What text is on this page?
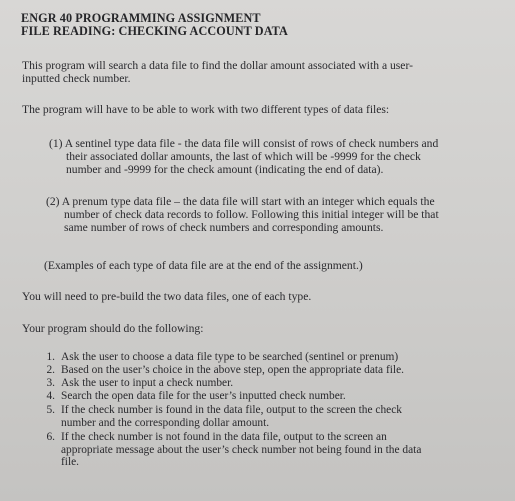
ENGR 40 PROGRAMMING ASSIGNMENT
FILE READING: CHECKING ACCOUNT DATA

This program will search a data file to find the dollar amount associated with a user-
inputted check number.

The program will have to be able to work with two different types of data files:

(1) A sentinel type data file - the data file will consist of rows of check numbers and
their associated dollar amounts, the last of which will be -9999 for the check
number and -9999 for the check amount (indicating the end of data).

(2) A prenum type data file – the data file will start with an integer which equals the
number of check data records to follow. Following this initial integer will be that
same number of rows of check numbers and corresponding amounts.

(Examples of each type of data file are at the end of the assignment.)

You will need to pre-build the two data files, one of each type.

Your program should do the following:

1. Ask the user to choose a data file type to be searched (sentinel or prenum)
2. Based on the user’s choice in the above step, open the appropriate data file.
3. Ask the user to input a check number.
4. Search the open data file for the user’s inputted check number.
5. If the check number is found in the data file, output to the screen the check
number and the corresponding dollar amount.
6. If the check number is not found in the data file, output to the screen an
appropriate message about the user’s check number not being found in the data
file.
